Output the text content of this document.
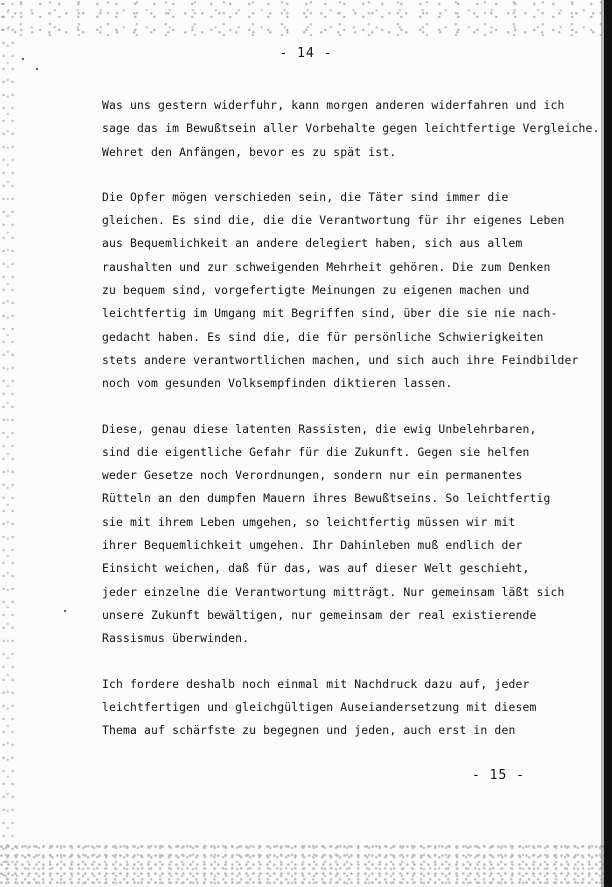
- 14 -
Was uns gestern widerfuhr, kann morgen anderen widerfahren und ich
sage das im Bewußtsein aller Vorbehalte gegen leichtfertige Vergleiche.
Wehret den Anfängen, bevor es zu spät ist.
Die Opfer mögen verschieden sein, die Täter sind immer die
gleichen. Es sind die, die die Verantwortung für ihr eigenes Leben
aus Bequemlichkeit an andere delegiert haben, sich aus allem
raushalten und zur schweigenden Mehrheit gehören. Die zum Denken
zu bequem sind, vorgefertigte Meinungen zu eigenen machen und
leichtfertig im Umgang mit Begriffen sind, über die sie nie nach-
gedacht haben. Es sind die, die für persönliche Schwierigkeiten
stets andere verantwortlichen machen, und sich auch ihre Feindbilder
noch vom gesunden Volksempfinden diktieren lassen.
Diese, genau diese latenten Rassisten, die ewig Unbelehrbaren,
sind die eigentliche Gefahr für die Zukunft. Gegen sie helfen
weder Gesetze noch Verordnungen, sondern nur ein permanentes
Rütteln an den dumpfen Mauern ihres Bewußtseins. So leichtfertig
sie mit ihrem Leben umgehen, so leichtfertig müssen wir mit
ihrer Bequemlichkeit umgehen. Ihr Dahinleben muß endlich der
Einsicht weichen, daß für das, was auf dieser Welt geschieht,
jeder einzelne die Verantwortung mitträgt. Nur gemeinsam läßt sich
unsere Zukunft bewältigen, nur gemeinsam der real existierende
Rassismus überwinden.
Ich fordere deshalb noch einmal mit Nachdruck dazu auf, jeder
leichtfertigen und gleichgültigen Auseiandersetzung mit diesem
Thema auf schärfste zu begegnen und jeden, auch erst in den
- 15 -
